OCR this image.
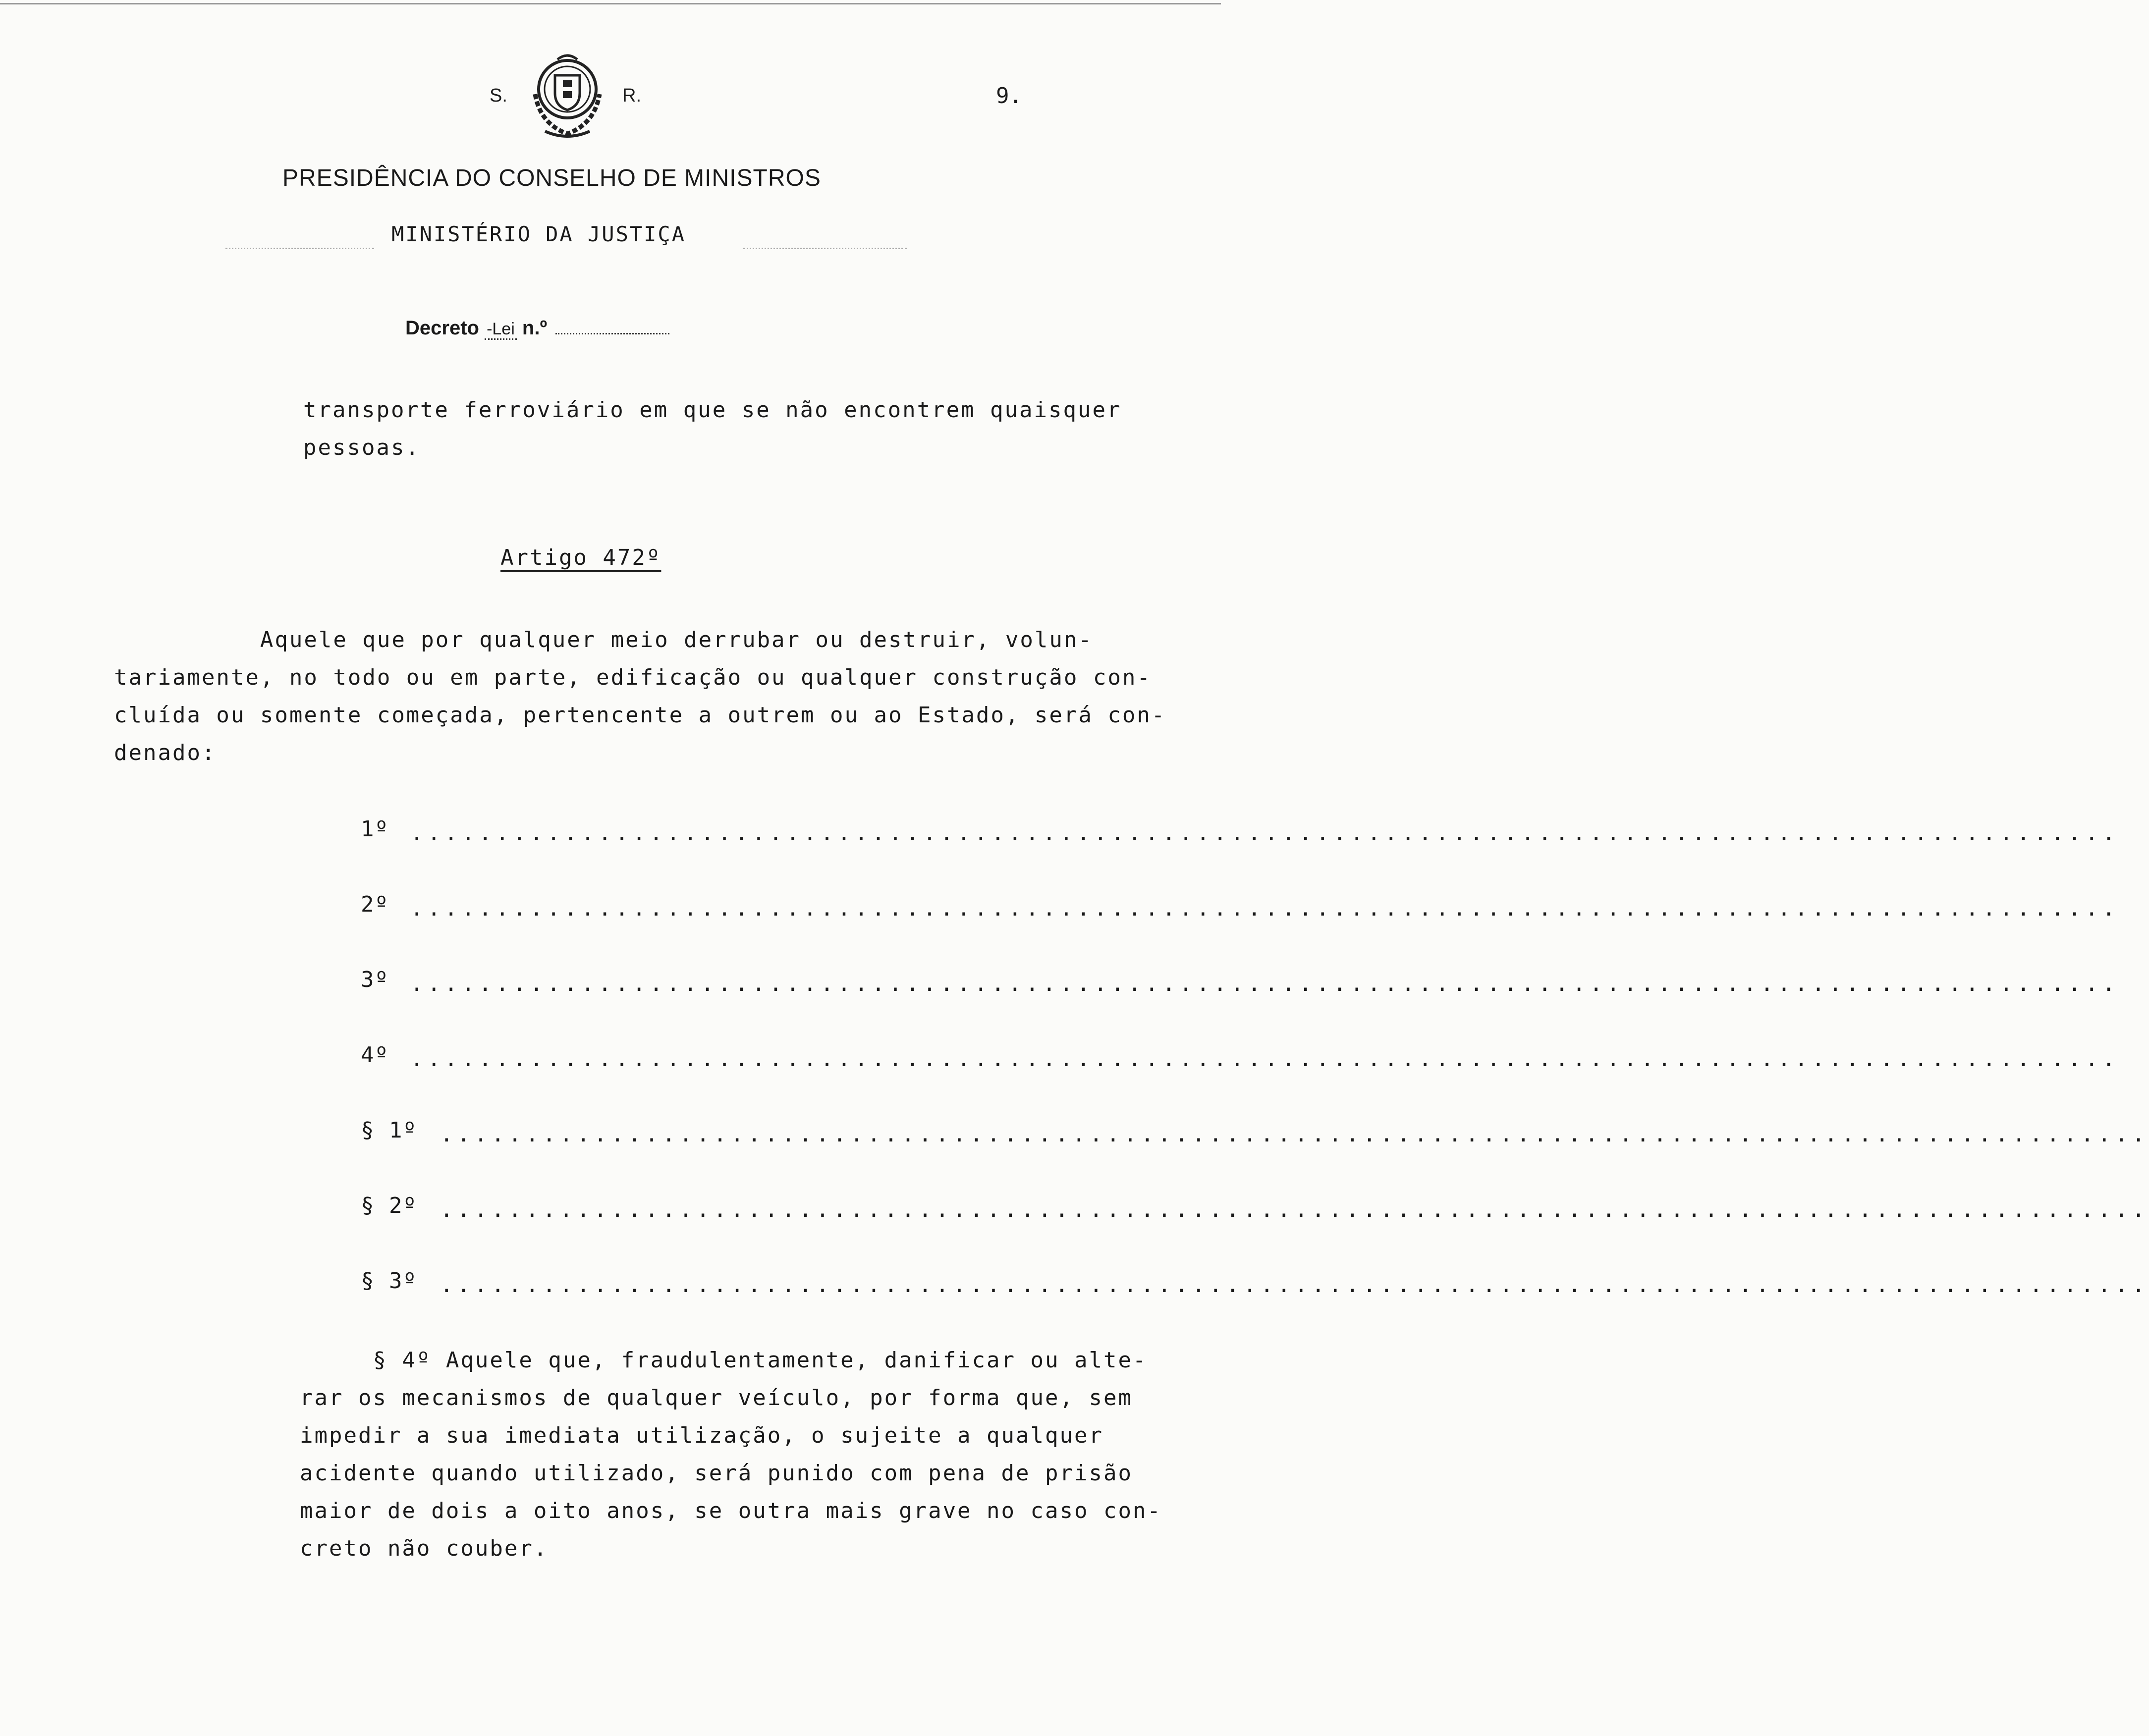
S.	R.	9.
PRESIDÊNCIA DO CONSELHO DE MINISTROS
MINISTÉRIO DA JUSTIÇA
Decreto -Lei n.º
transporte ferroviário em que se não encontrem quaisquer
pessoas.
Artigo 472º
Aquele que por qualquer meio derrubar ou destruir, volun-
tariamente, no todo ou em parte, edificação ou qualquer construção con-
cluída ou somente começada, pertencente a outrem ou ao Estado, será con-
denado:
1º ....................................................................................................
2º ....................................................................................................
3º ....................................................................................................
4º ....................................................................................................
§ 1º ....................................................................................................
§ 2º ....................................................................................................
§ 3º ....................................................................................................
§ 4º Aquele que, fraudulentamente, danificar ou alte-
rar os mecanismos de qualquer veículo, por forma que, sem
impedir a sua imediata utilização, o sujeite a qualquer
acidente quando utilizado, será punido com pena de prisão
maior de dois a oito anos, se outra mais grave no caso con-
creto não couber.
